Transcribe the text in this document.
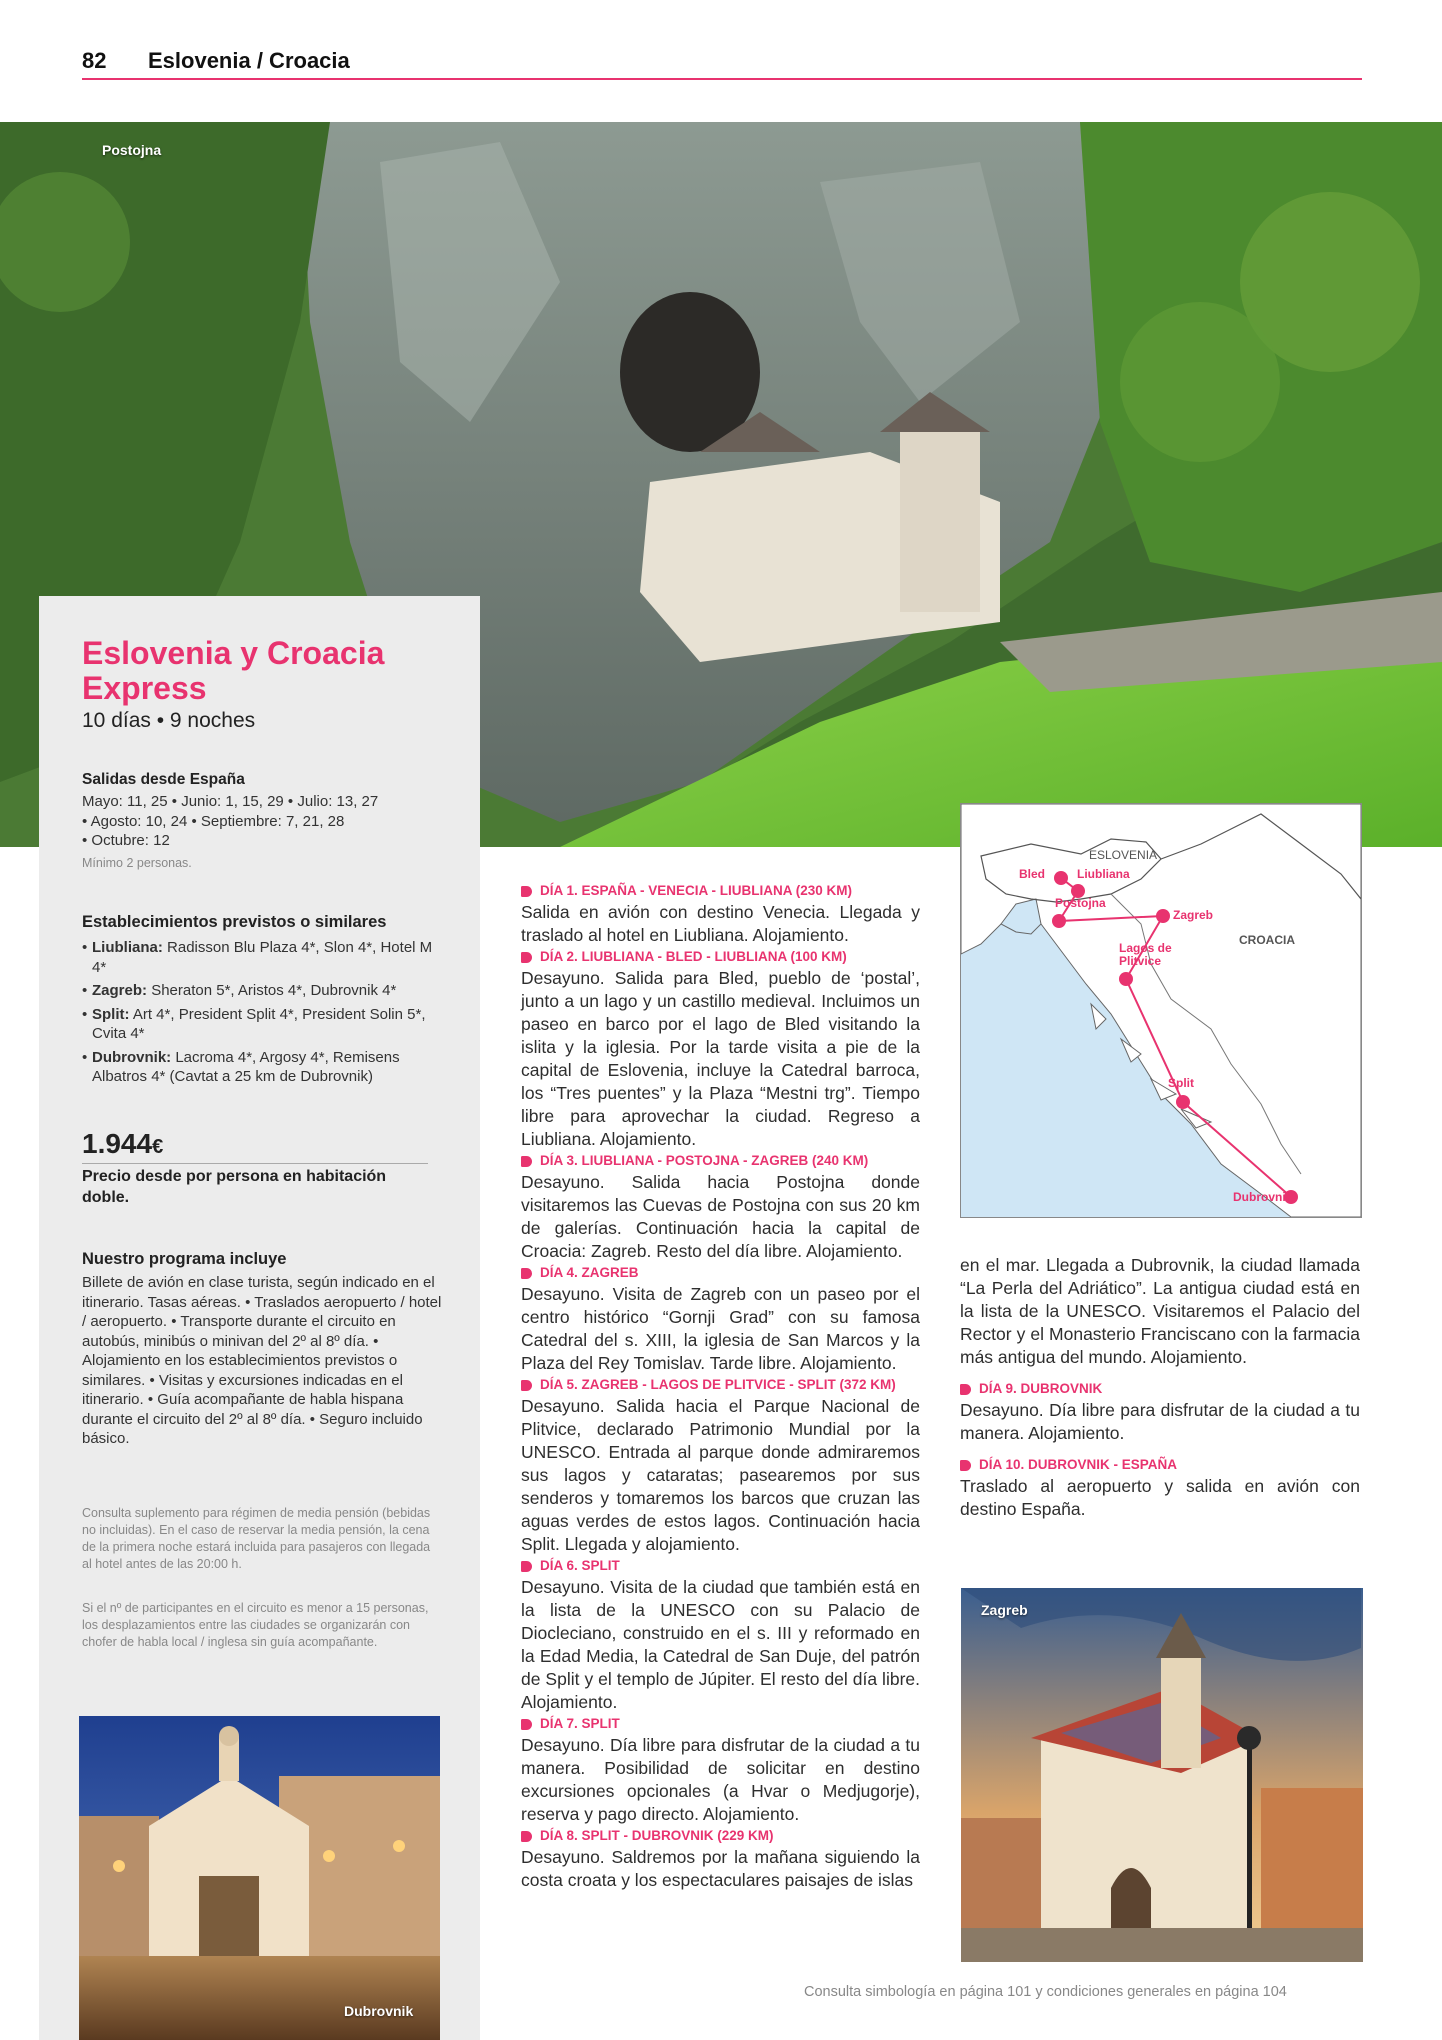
82 Eslovenia / Croacia
Postojna
Eslovenia y Croacia Express
10 días • 9 noches

Salidas desde España

Mayo: 11, 25 • Junio: 1, 15, 29 • Julio: 13, 27
• Agosto: 10, 24 • Septiembre: 7, 21, 28
• Octubre: 12
Mínimo 2 personas.

Establecimientos previstos o similares

• Liubliana: Radisson Blu Plaza 4*, Slon 4*, Hotel M 4*
• Zagreb: Sheraton 5*, Aristos 4*, Dubrovnik 4*
• Split: Art 4*, President Split 4*, President Solin 5*, Cvita 4*
• Dubrovnik: Lacroma 4*, Argosy 4*, Remisens Albatros 4* (Cavtat a 25 km de Dubrovnik)
1.944€
Precio desde por persona en habitación doble.

Nuestro programa incluye

Billete de avión en clase turista, según indicado en el itinerario. Tasas aéreas. • Traslados aeropuerto / hotel / aeropuerto. • Transporte durante el circuito en autobús, minibús o minivan del 2º al 8º día. • Alojamiento en los establecimientos previstos o similares. • Visitas y excursiones indicadas en el itinerario. • Guía acompañante de habla hispana durante el circuito del 2º al 8º día. • Seguro incluido básico.
Consulta suplemento para régimen de media pensión (bebidas no incluidas). En el caso de reservar la media pensión, la cena de la primera noche estará incluida para pasajeros con llegada al hotel antes de las 20:00 h.
Si el nº de participantes en el circuito es menor a 15 personas, los desplazamientos entre las ciudades se organizarán con chofer de habla local / inglesa sin guía acompañante.
Dubrovnik
DÍA 1. ESPAÑA - VENECIA - LIUBLIANA (230 KM)
Salida en avión con destino Venecia. Llegada y traslado al hotel en Liubliana. Alojamiento.
DÍA 2. LIUBLIANA - BLED - LIUBLIANA (100 KM)
Desayuno. Salida para Bled, pueblo de ‘postal’, junto a un lago y un castillo medieval. Incluimos un paseo en barco por el lago de Bled visitando la islita y la iglesia. Por la tarde visita a pie de la capital de Eslovenia, incluye la Catedral barroca, los “Tres puentes” y la Plaza “Mestni trg”. Tiempo libre para aprovechar la ciudad. Regreso a Liubliana. Alojamiento.
DÍA 3. LIUBLIANA - POSTOJNA - ZAGREB (240 KM)
Desayuno. Salida hacia Postojna donde visitaremos las Cuevas de Postojna con sus 20 km de galerías. Continuación hacia la capital de Croacia: Zagreb. Resto del día libre. Alojamiento.
DÍA 4. ZAGREB
Desayuno. Visita de Zagreb con un paseo por el centro histórico “Gornji Grad” con su famosa Catedral del s. XIII, la iglesia de San Marcos y la Plaza del Rey Tomislav. Tarde libre. Alojamiento.
DÍA 5. ZAGREB - LAGOS DE PLITVICE - SPLIT (372 KM)
Desayuno. Salida hacia el Parque Nacional de Plitvice, declarado Patrimonio Mundial por la UNESCO. Entrada al parque donde admiraremos sus lagos y cataratas; pasearemos por sus senderos y tomaremos los barcos que cruzan las aguas verdes de estos lagos. Continuación hacia Split. Llegada y alojamiento.
DÍA 6. SPLIT
Desayuno. Visita de la ciudad que también está en la lista de la UNESCO con su Palacio de Diocleciano, construido en el s. III y reformado en la Edad Media, la Catedral de San Duje, del patrón de Split y el templo de Júpiter. El resto del día libre. Alojamiento.
DÍA 7. SPLIT
Desayuno. Día libre para disfrutar de la ciudad a tu manera. Posibilidad de solicitar en destino excursiones opcionales (a Hvar o Medjugorje), reserva y pago directo. Alojamiento.
DÍA 8. SPLIT - DUBROVNIK (229 KM)
Desayuno. Saldremos por la mañana siguiendo la costa croata y los espectaculares paisajes de islas
ESLOVENIA
CROACIA
Bled	Liubliana
Postojna
Zagreb
Lagos de
Plitvice
Split
Dubrovnik
en el mar. Llegada a Dubrovnik, la ciudad llamada “La Perla del Adriático”. La antigua ciudad está en la lista de la UNESCO. Visitaremos el Palacio del Rector y el Monasterio Franciscano con la farmacia más antigua del mundo. Alojamiento.
DÍA 9. DUBROVNIK
Desayuno. Día libre para disfrutar de la ciudad a tu manera. Alojamiento.
DÍA 10. DUBROVNIK - ESPAÑA
Traslado al aeropuerto y salida en avión con destino España.
Zagreb
Consulta simbología en página 101 y condiciones generales en página 104
